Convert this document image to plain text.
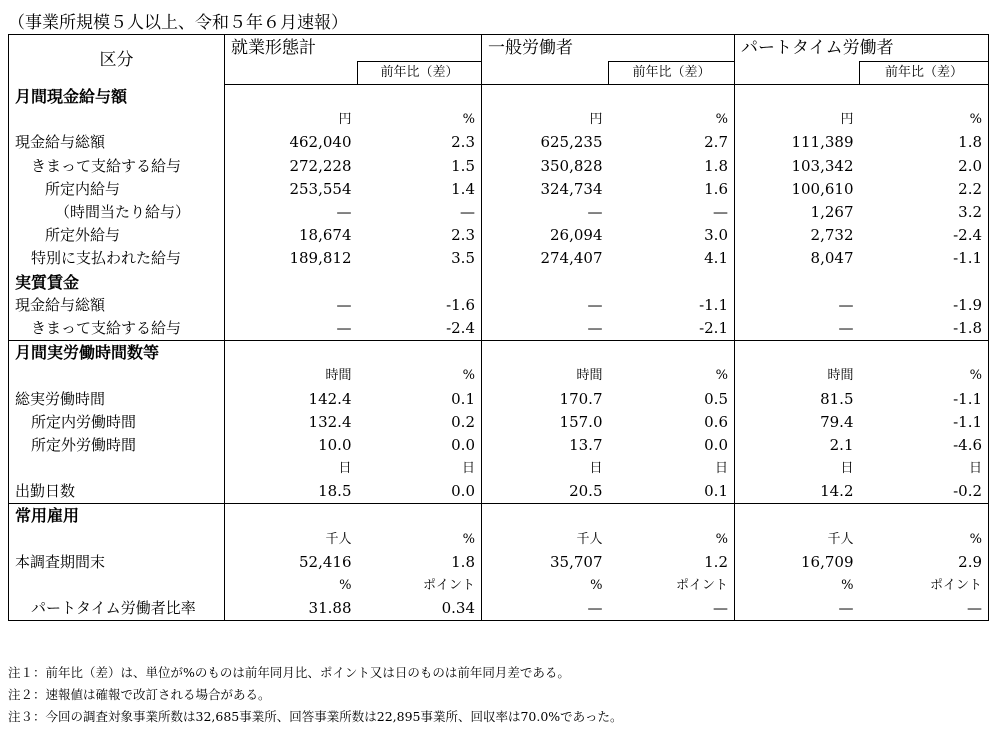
（事業所規模５人以上、令和５年６月速報）
区分	就業形態計		一般労働者		パートタイム労働者	
		前年比（差）		前年比（差）		前年比（差）
月間現金給与額						
	円	%	円	%	円	%
現金給与総額	462,040	2.3	625,235	2.7	111,389	1.8
きまって支給する給与	272,228	1.5	350,828	1.8	103,342	2.0
所定内給与	253,554	1.4	324,734	1.6	100,610	2.2
（時間当たり給与）	—	—	—	—	1,267	3.2
所定外給与	18,674	2.3	26,094	3.0	2,732	-2.4
特別に支払われた給与	189,812	3.5	274,407	4.1	8,047	-1.1
実質賃金						
現金給与総額	—	-1.6	—	-1.1	—	-1.9
きまって支給する給与	—	-2.4	—	-2.1	—	-1.8
月間実労働時間数等						
	時間	%	時間	%	時間	%
総実労働時間	142.4	0.1	170.7	0.5	81.5	-1.1
所定内労働時間	132.4	0.2	157.0	0.6	79.4	-1.1
所定外労働時間	10.0	0.0	13.7	0.0	2.1	-4.6
	日	日	日	日	日	日
出勤日数	18.5	0.0	20.5	0.1	14.2	-0.2
常用雇用						
	千人	%	千人	%	千人	%
本調査期間末	52,416	1.8	35,707	1.2	16,709	2.9
	%	ポイント	%	ポイント	%	ポイント
パートタイム労働者比率	31.88	0.34	—	—	—	—
注１：前年比（差）は、単位が%のものは前年同月比、ポイント又は日のものは前年同月差である。
注２：速報値は確報で改訂される場合がある。
注３：今回の調査対象事業所数は32,685事業所、回答事業所数は22,895事業所、回収率は70.0%であった。
